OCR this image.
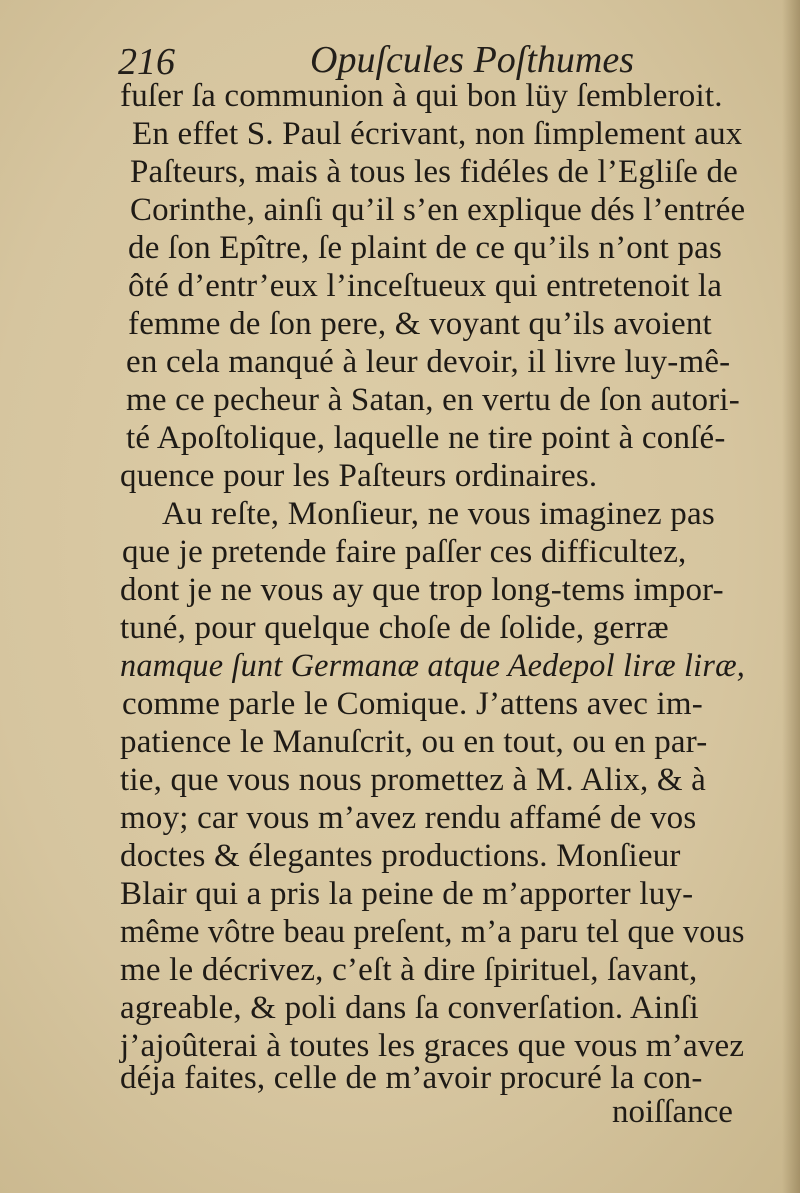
216	Opuſcules Poſthumes
fuſer ſa communion à qui bon lüy ſembleroit.
En effet S. Paul écrivant, non ſimplement aux
Paſteurs, mais à tous les fidéles de l’Egliſe de
Corinthe, ainſi qu’il s’en explique dés l’entrée
de ſon Epître, ſe plaint de ce qu’ils n’ont pas
ôté d’entr’eux l’inceſtueux qui entretenoit la
femme de ſon pere, & voyant qu’ils avoient
en cela manqué à leur devoir, il livre luy-mê-
me ce pecheur à Satan, en vertu de ſon autori-
té Apoſtolique, laquelle ne tire point à conſé-
quence pour les Paſteurs ordinaires.
Au reſte, Monſieur, ne vous imaginez pas
que je pretende faire paſſer ces difficultez,
dont je ne vous ay que trop long-tems impor-
tuné, pour quelque choſe de ſolide, gerræ
namque ſunt Germanæ atque Aedepol liræ liræ,
comme parle le Comique. J’attens avec im-
patience le Manuſcrit, ou en tout, ou en par-
tie, que vous nous promettez à M. Alix, & à
moy; car vous m’avez rendu affamé de vos
doctes & élegantes productions. Monſieur
Blair qui a pris la peine de m’apporter luy-
même vôtre beau preſent, m’a paru tel que vous
me le décrivez, c’eſt à dire ſpirituel, ſavant,
agreable, & poli dans ſa converſation. Ainſi
j’ajoûterai à toutes les graces que vous m’avez
déja faites, celle de m’avoir procuré la con-
noiſſance
